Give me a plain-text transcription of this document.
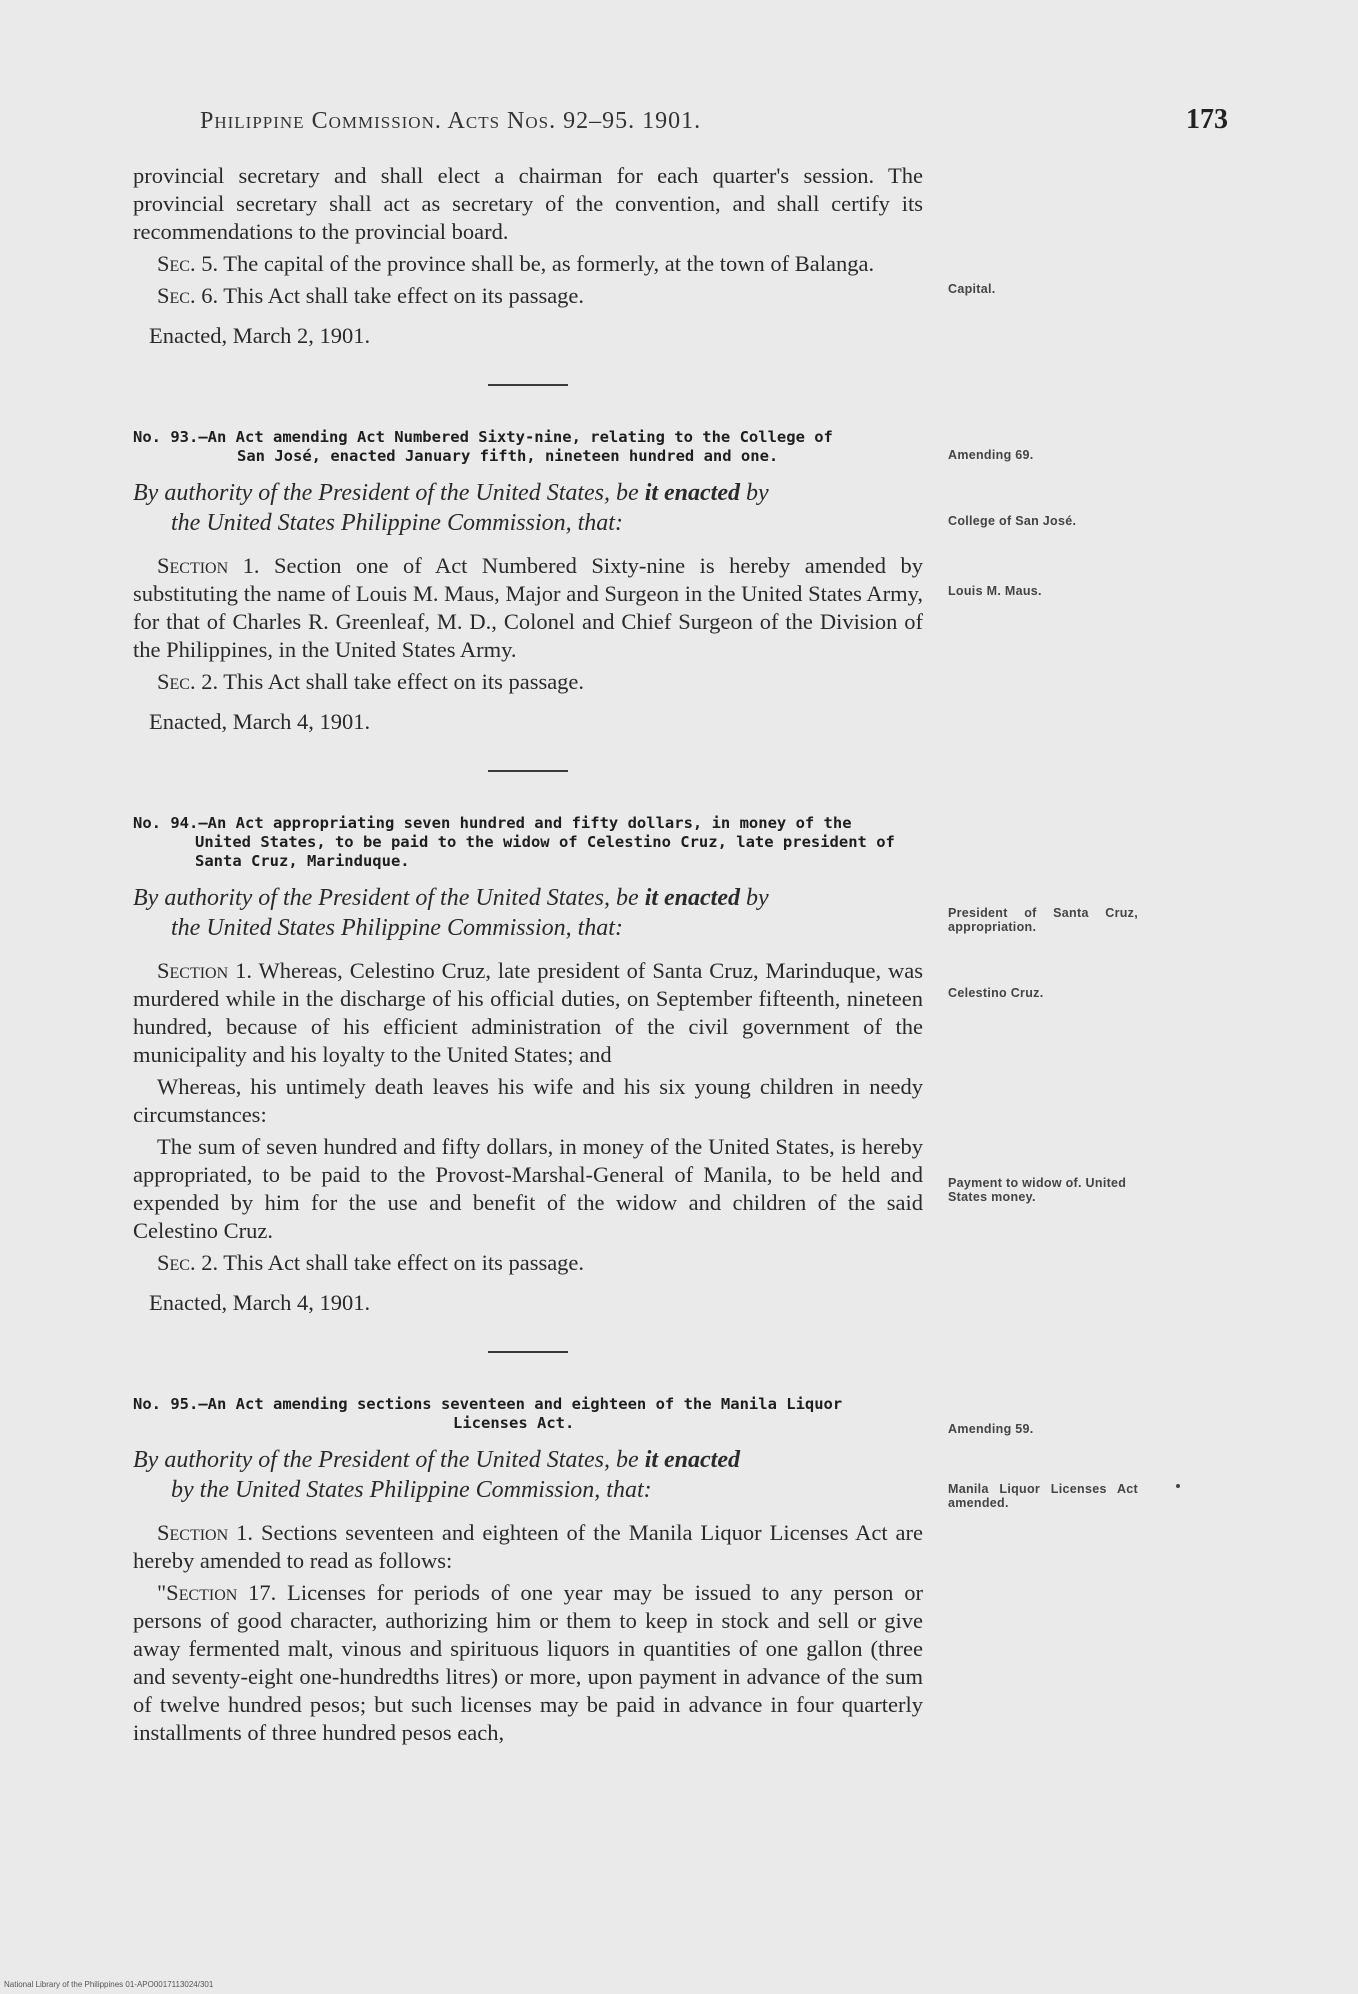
Philippine Commission. Acts Nos. 92–95. 1901.	173
Capital.
Amending 69.
College of San José.
Louis M. Maus.
President of Santa Cruz, appropriation.
Celestino Cruz.
Payment to widow of. United States money.
Amending 59.
Manila Liquor Licenses Act amended.

provincial secretary and shall elect a chairman for each quarter's session. The provincial secretary shall act as secretary of the convention, and shall certify its recommendations to the provincial board.

Sec. 5. The capital of the province shall be, as formerly, at the town of Balanga.

Sec. 6. This Act shall take effect on its passage.

Enacted, March 2, 1901.

No. 93.—An Act amending Act Numbered Sixty-nine, relating to the College of
San José, enacted January fifth, nineteen hundred and one.
By authority of the President of the United States, be it enacted by
the United States Philippine Commission, that:

Section 1. Section one of Act Numbered Sixty-nine is hereby amended by substituting the name of Louis M. Maus, Major and Surgeon in the United States Army, for that of Charles R. Greenleaf, M. D., Colonel and Chief Surgeon of the Division of the Philippines, in the United States Army.

Sec. 2. This Act shall take effect on its passage.

Enacted, March 4, 1901.

No. 94.—An Act appropriating seven hundred and fifty dollars, in money of the
United States, to be paid to the widow of Celestino Cruz, late president of
Santa Cruz, Marinduque.
By authority of the President of the United States, be it enacted by
the United States Philippine Commission, that:

Section 1. Whereas, Celestino Cruz, late president of Santa Cruz, Marinduque, was murdered while in the discharge of his official duties, on September fifteenth, nineteen hundred, because of his efficient administration of the civil government of the municipality and his loyalty to the United States; and

Whereas, his untimely death leaves his wife and his six young children in needy circumstances:

The sum of seven hundred and fifty dollars, in money of the United States, is hereby appropriated, to be paid to the Provost-Marshal-General of Manila, to be held and expended by him for the use and benefit of the widow and children of the said Celestino Cruz.

Sec. 2. This Act shall take effect on its passage.

Enacted, March 4, 1901.

No. 95.—An Act amending sections seventeen and eighteen of the Manila Liquor
Licenses Act.
By authority of the President of the United States, be it enacted
by the United States Philippine Commission, that:

Section 1. Sections seventeen and eighteen of the Manila Liquor Licenses Act are hereby amended to read as follows:

"Section 17. Licenses for periods of one year may be issued to any person or persons of good character, authorizing him or them to keep in stock and sell or give away fermented malt, vinous and spirituous liquors in quantities of one gallon (three and seventy-eight one-hundredths litres) or more, upon payment in advance of the sum of twelve hundred pesos; but such licenses may be paid in advance in four quarterly installments of three hundred pesos each,

National Library of the Philippines 01-APO0017113024/301
